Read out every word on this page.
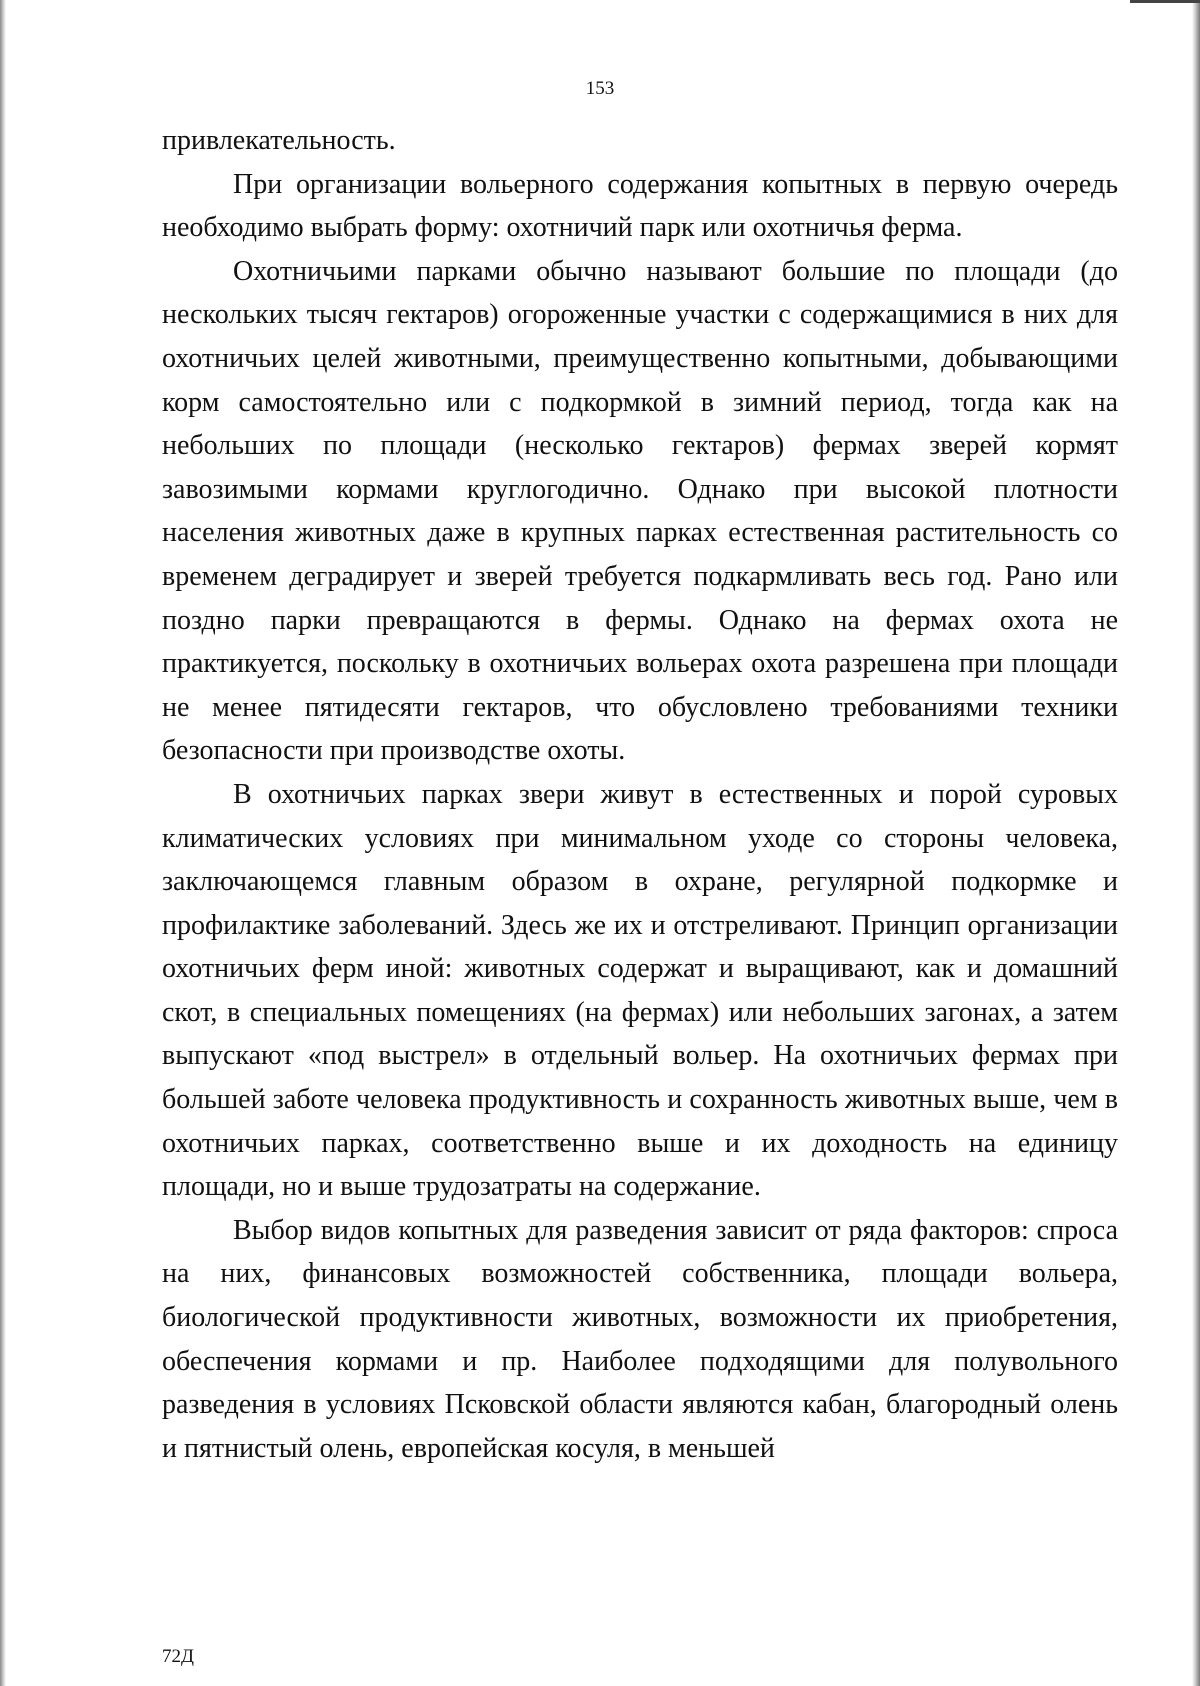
153

привлекательность.

При организации вольерного содержания копытных в первую очередь необходимо выбрать форму: охотничий парк или охотничья ферма.

Охотничьими парками обычно называют большие по площади (до нескольких тысяч гектаров) огороженные участки с содержащимися в них для охотничьих целей животными, преимущественно копытными, добывающими корм самостоятельно или с подкормкой в зимний период, тогда как на небольших по площади (несколько гектаров) фермах зверей кормят завозимыми кормами круглогодично. Однако при высокой плотности населения животных даже в крупных парках естественная растительность со временем деградирует и зверей требуется подкармливать весь год. Рано или поздно парки превращаются в фермы. Однако на фермах охота не практикуется, поскольку в охотничьих вольерах охота разрешена при площади не менее пятидесяти гектаров, что обусловлено требованиями техники безопасности при производстве охоты.

В охотничьих парках звери живут в естественных и порой суровых климатических условиях при минимальном уходе со стороны человека, заключающемся главным образом в охране, регулярной подкормке и профилактике заболеваний. Здесь же их и отстреливают. Принцип организации охотничьих ферм иной: животных содержат и выращивают, как и домашний скот, в специальных помещениях (на фермах) или небольших загонах, а затем выпускают «под выстрел» в отдельный вольер. На охотничьих фермах при большей заботе человека продуктивность и сохранность животных выше, чем в охотничьих парках, соответственно выше и их доходность на единицу площади, но и выше трудозатраты на содержание.

Выбор видов копытных для разведения зависит от ряда факторов: спроса на них, финансовых возможностей собственника, площади вольера, биологической продуктивности животных, возможности их приобретения, обеспечения кормами и пр. Наиболее подходящими для полувольного разведения в условиях Псковской области являются кабан, благородный олень и пятнистый олень, европейская косуля, в меньшей

72Д
